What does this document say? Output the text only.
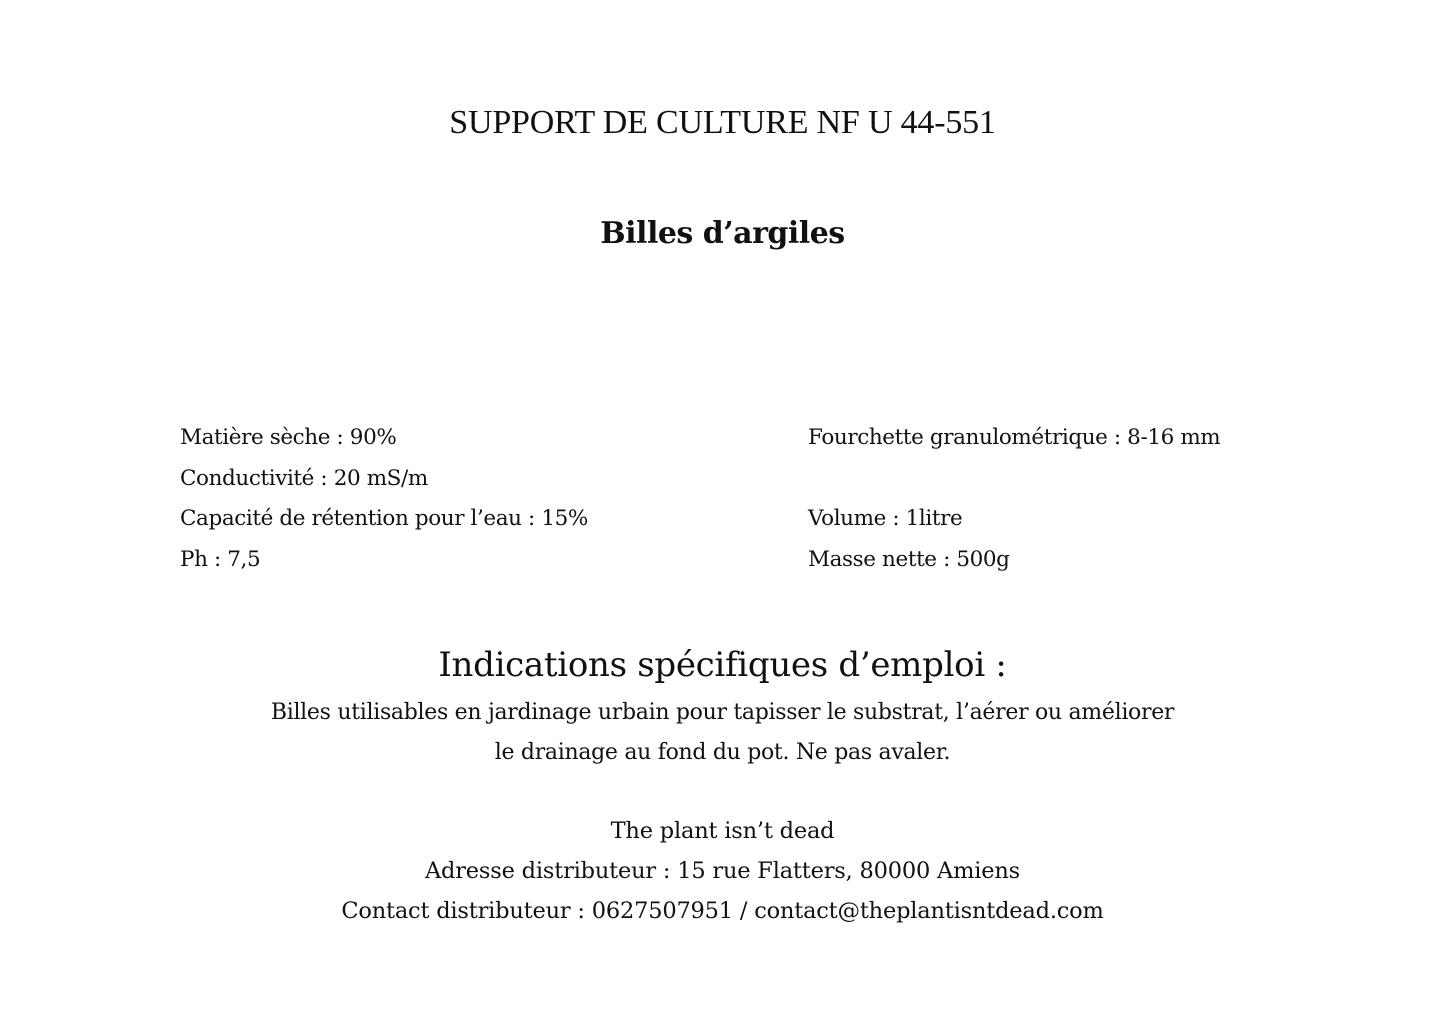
SUPPORT DE CULTURE NF U 44-551
Billes d’argiles
Matière sèche : 90%
Conductivité : 20 mS/m
Capacité de rétention pour l’eau : 15%
Ph : 7,5
Fourchette granulométrique : 8-16 mm
Volume : 1litre
Masse nette : 500g
Indications spécifiques d’emploi :
Billes utilisables en jardinage urbain pour tapisser le substrat, l’aérer ou améliorer
le drainage au fond du pot. Ne pas avaler.
The plant isn’t dead
Adresse distributeur : 15 rue Flatters, 80000 Amiens
Contact distributeur : 0627507951 / contact@theplantisntdead.com
